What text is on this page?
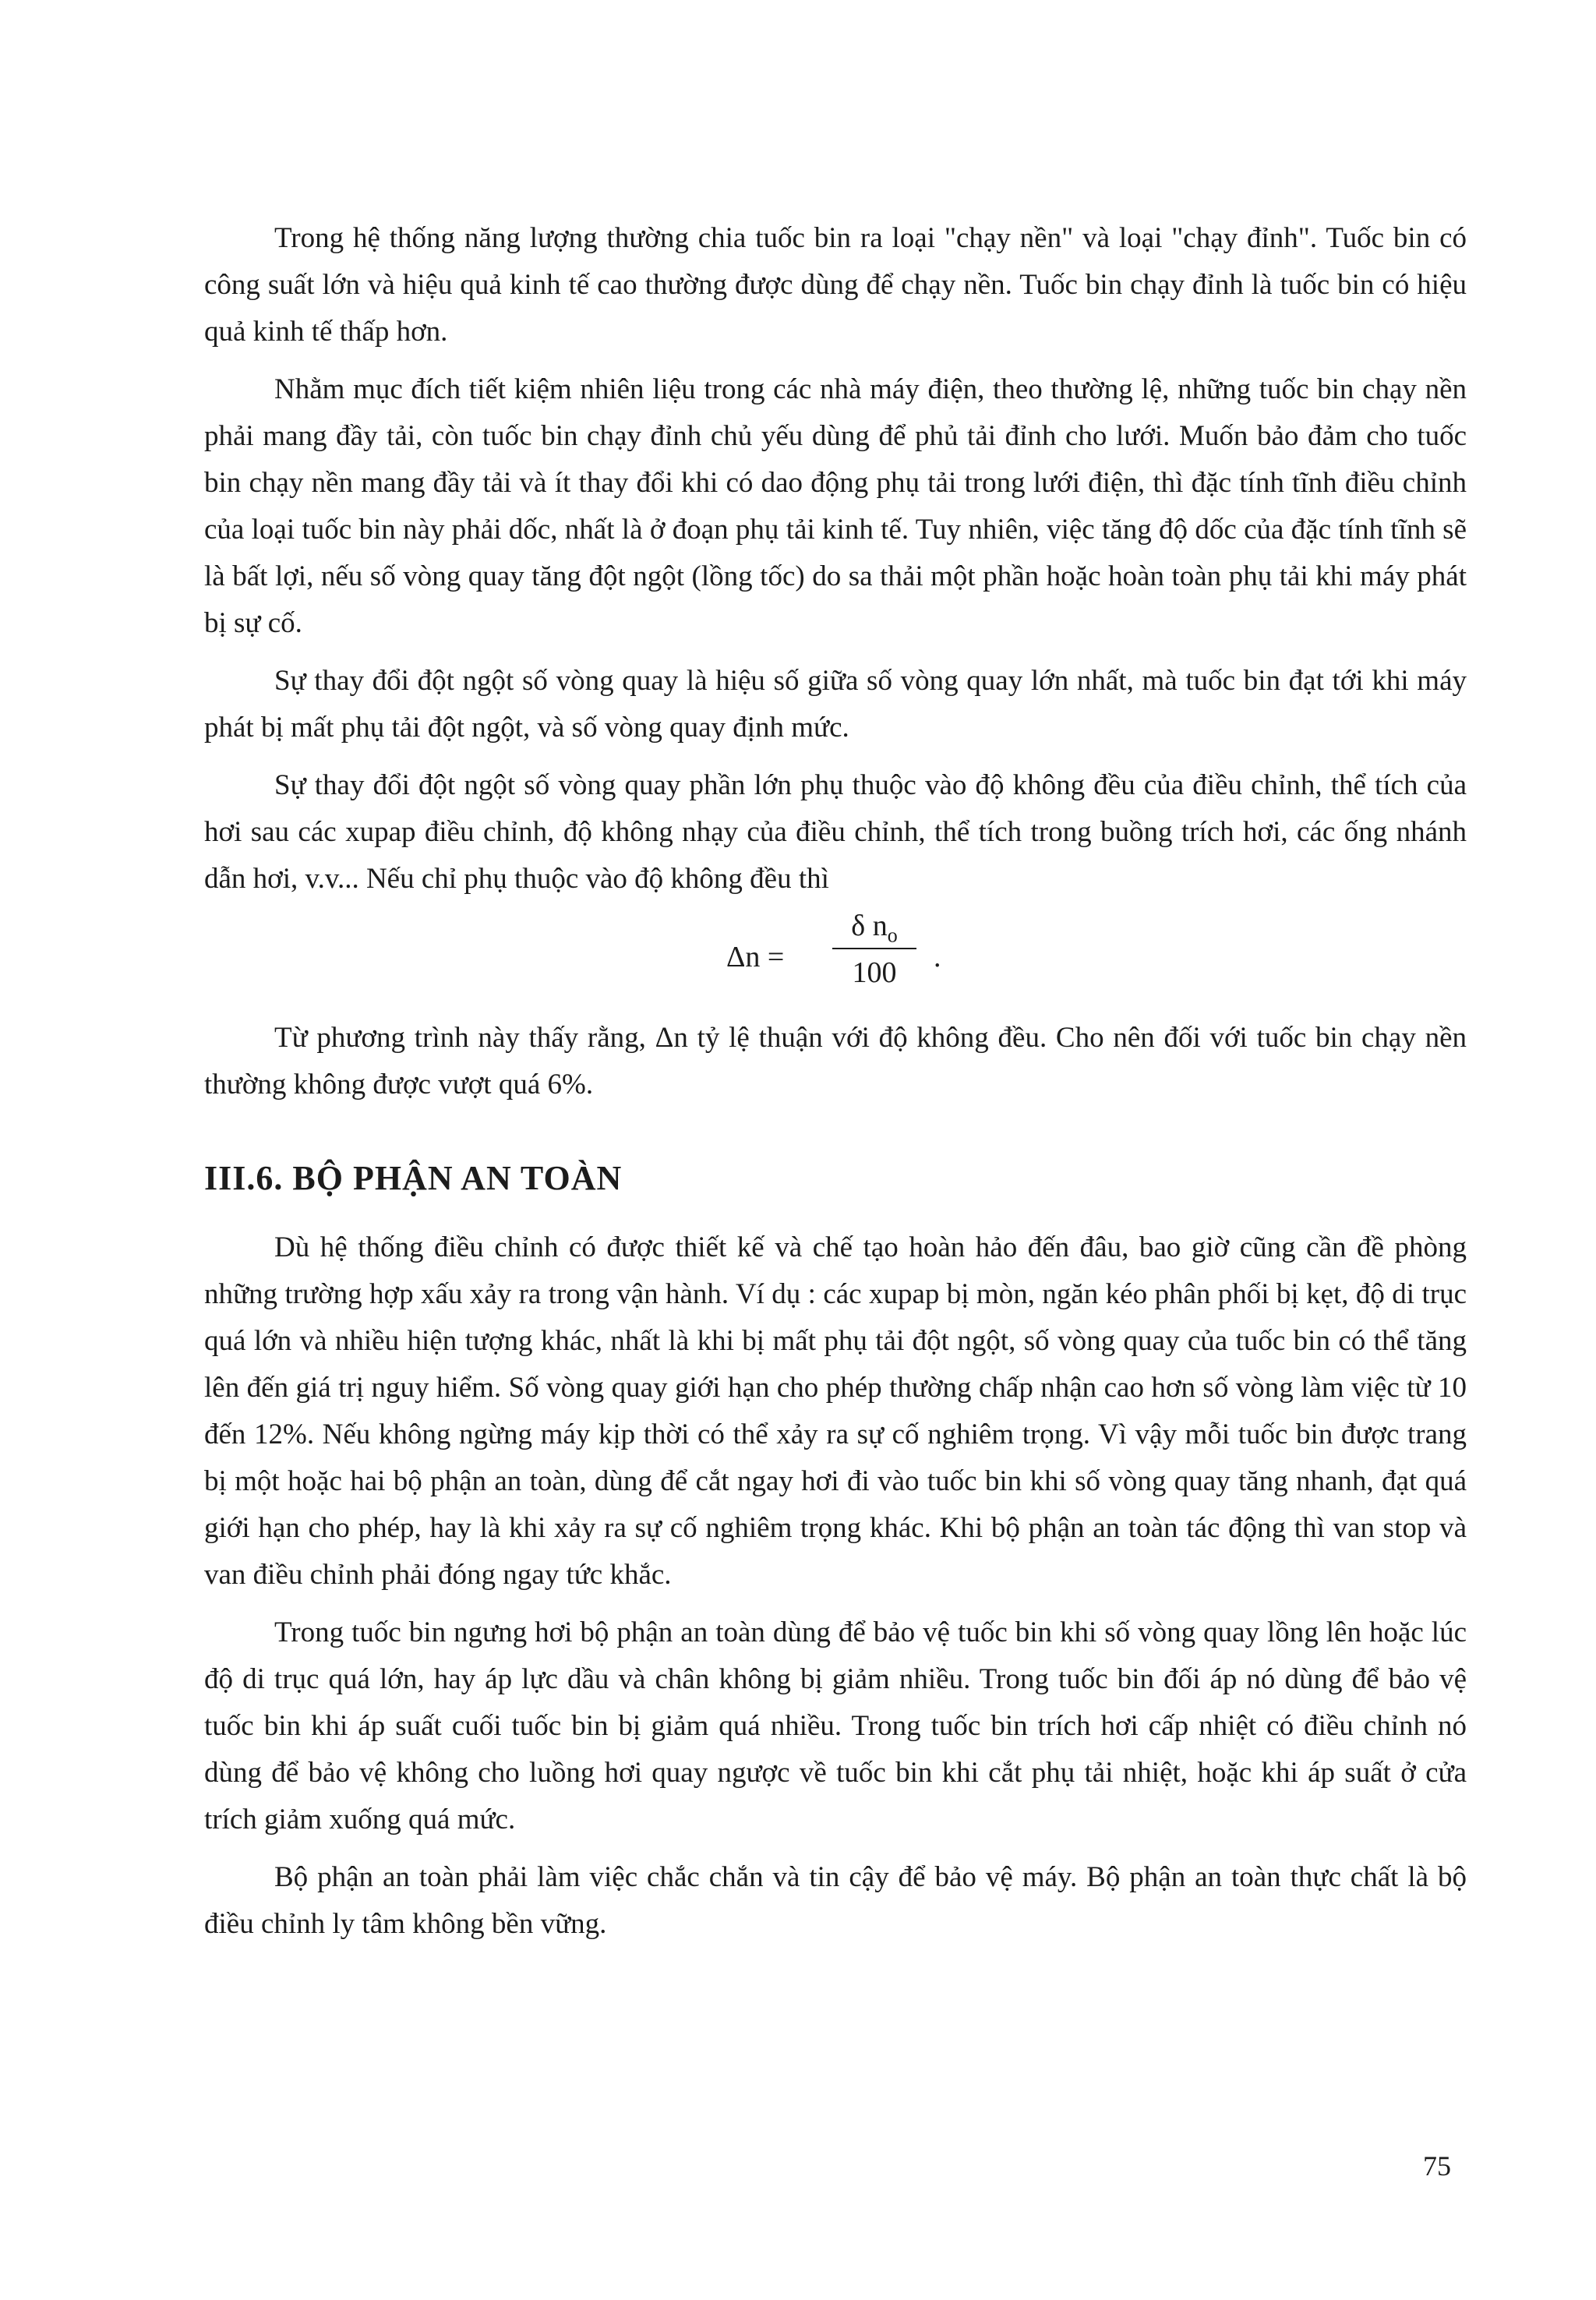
Trong hệ thống năng lượng thường chia tuốc bin ra loại "chạy nền" và loại "chạy đỉnh". Tuốc bin có công suất lớn và hiệu quả kinh tế cao thường được dùng để chạy nền. Tuốc bin chạy đỉnh là tuốc bin có hiệu quả kinh tế thấp hơn.

Nhằm mục đích tiết kiệm nhiên liệu trong các nhà máy điện, theo thường lệ, những tuốc bin chạy nền phải mang đầy tải, còn tuốc bin chạy đỉnh chủ yếu dùng để phủ tải đỉnh cho lưới. Muốn bảo đảm cho tuốc bin chạy nền mang đầy tải và ít thay đổi khi có dao động phụ tải trong lưới điện, thì đặc tính tĩnh điều chỉnh của loại tuốc bin này phải dốc, nhất là ở đoạn phụ tải kinh tế. Tuy nhiên, việc tăng độ dốc của đặc tính tĩnh sẽ là bất lợi, nếu số vòng quay tăng đột ngột (lồng tốc) do sa thải một phần hoặc hoàn toàn phụ tải khi máy phát bị sự cố.

Sự thay đổi đột ngột số vòng quay là hiệu số giữa số vòng quay lớn nhất, mà tuốc bin đạt tới khi máy phát bị mất phụ tải đột ngột, và số vòng quay định mức.

Sự thay đổi đột ngột số vòng quay phần lớn phụ thuộc vào độ không đều của điều chỉnh, thể tích của hơi sau các xupap điều chỉnh, độ không nhạy của điều chỉnh, thể tích trong buồng trích hơi, các ống nhánh dẫn hơi, v.v... Nếu chỉ phụ thuộc vào độ không đều thì

Δn =
δ $n_o$
100	.

Từ phương trình này thấy rằng, Δn tỷ lệ thuận với độ không đều. Cho nên đối với tuốc bin chạy nền thường không được vượt quá 6%.

III.6. BỘ PHẬN AN TOÀN

Dù hệ thống điều chỉnh có được thiết kế và chế tạo hoàn hảo đến đâu, bao giờ cũng cần đề phòng những trường hợp xấu xảy ra trong vận hành. Ví dụ : các xupap bị mòn, ngăn kéo phân phối bị kẹt, độ di trục quá lớn và nhiều hiện tượng khác, nhất là khi bị mất phụ tải đột ngột, số vòng quay của tuốc bin có thể tăng lên đến giá trị nguy hiểm. Số vòng quay giới hạn cho phép thường chấp nhận cao hơn số vòng làm việc từ 10 đến 12%. Nếu không ngừng máy kịp thời có thể xảy ra sự cố nghiêm trọng. Vì vậy mỗi tuốc bin được trang bị một hoặc hai bộ phận an toàn, dùng để cắt ngay hơi đi vào tuốc bin khi số vòng quay tăng nhanh, đạt quá giới hạn cho phép, hay là khi xảy ra sự cố nghiêm trọng khác. Khi bộ phận an toàn tác động thì van stop và van điều chỉnh phải đóng ngay tức khắc.

Trong tuốc bin ngưng hơi bộ phận an toàn dùng để bảo vệ tuốc bin khi số vòng quay lồng lên hoặc lúc độ di trục quá lớn, hay áp lực dầu và chân không bị giảm nhiều. Trong tuốc bin đối áp nó dùng để bảo vệ tuốc bin khi áp suất cuối tuốc bin bị giảm quá nhiều. Trong tuốc bin trích hơi cấp nhiệt có điều chỉnh nó dùng để bảo vệ không cho luồng hơi quay ngược về tuốc bin khi cắt phụ tải nhiệt, hoặc khi áp suất ở cửa trích giảm xuống quá mức.

Bộ phận an toàn phải làm việc chắc chắn và tin cậy để bảo vệ máy. Bộ phận an toàn thực chất là bộ điều chỉnh ly tâm không bền vững.

75
